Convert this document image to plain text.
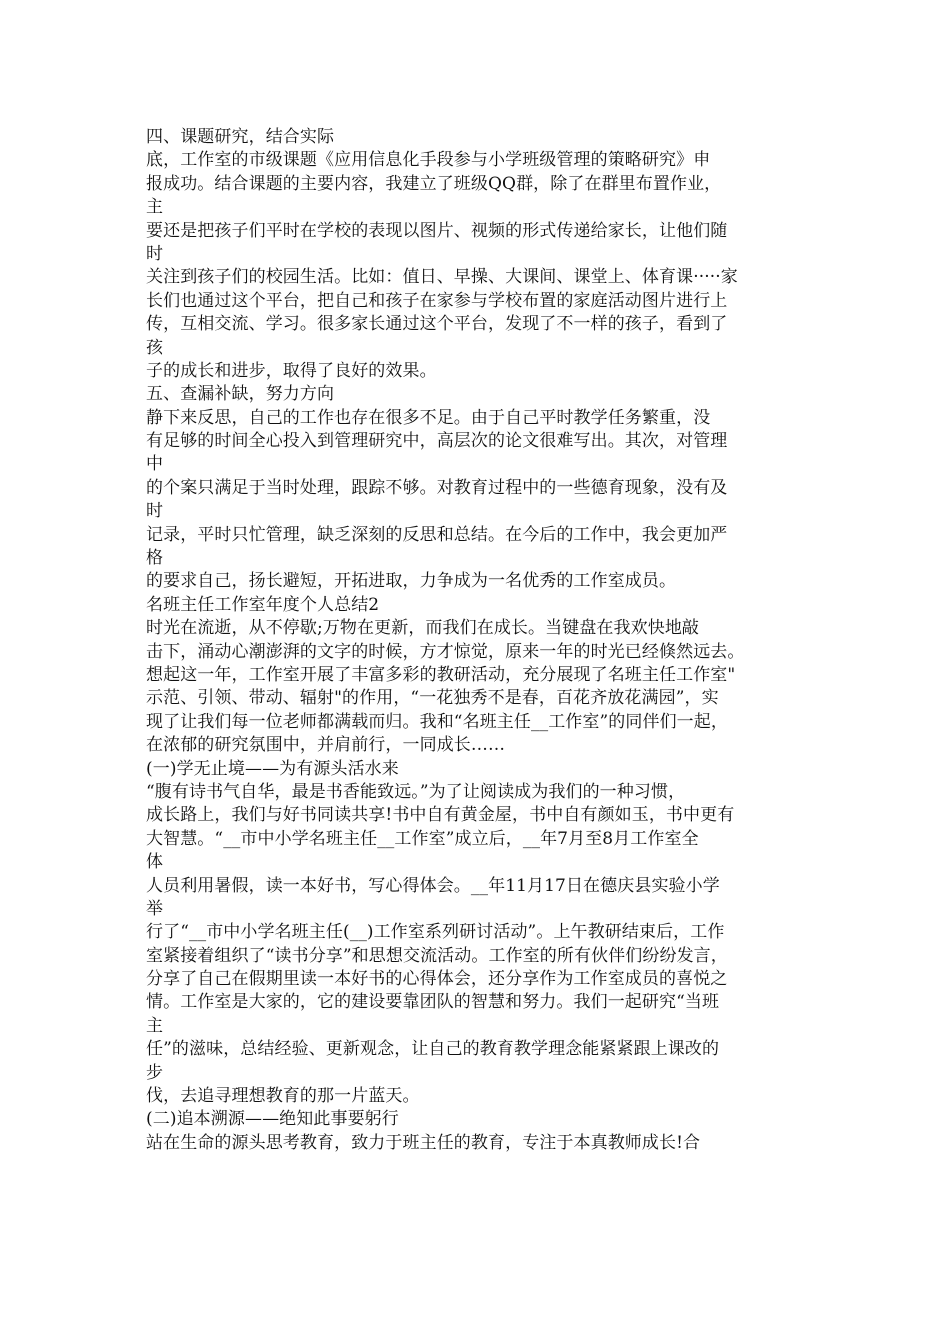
四、课题研究，结合实际
底，工作室的市级课题《应用信息化手段参与小学班级管理的策略研究》申
报成功。结合课题的主要内容，我建立了班级QQ群，除了在群里布置作业，
主
要还是把孩子们平时在学校的表现以图片、视频的形式传递给家长，让他们随
时
关注到孩子们的校园生活。比如：值日、早操、大课间、课堂上、体育课·····家
长们也通过这个平台，把自己和孩子在家参与学校布置的家庭活动图片进行上
传，互相交流、学习。很多家长通过这个平台，发现了不一样的孩子，看到了
孩
子的成长和进步，取得了良好的效果。
五、查漏补缺，努力方向
静下来反思，自己的工作也存在很多不足。由于自己平时教学任务繁重，没
有足够的时间全心投入到管理研究中，高层次的论文很难写出。其次，对管理
中
的个案只满足于当时处理，跟踪不够。对教育过程中的一些德育现象，没有及
时
记录，平时只忙管理，缺乏深刻的反思和总结。在今后的工作中，我会更加严
格
的要求自己，扬长避短，开拓进取，力争成为一名优秀的工作室成员。
名班主任工作室年度个人总结2
时光在流逝，从不停歇;万物在更新，而我们在成长。当键盘在我欢快地敲
击下，涌动心潮澎湃的文字的时候，方才惊觉，原来一年的时光已经倏然远去。
想起这一年，工作室开展了丰富多彩的教研活动，充分展现了名班主任工作室"
示范、引领、带动、辐射"的作用，“一花独秀不是春，百花齐放花满园”，实
现了让我们每一位老师都满载而归。我和“名班主任__工作室”的同伴们一起，
在浓郁的研究氛围中，并肩前行，一同成长……
(一)学无止境——为有源头活水来
“腹有诗书气自华，最是书香能致远。”为了让阅读成为我们的一种习惯，
成长路上，我们与好书同读共享!书中自有黄金屋，书中自有颜如玉，书中更有
大智慧。“__市中小学名班主任__工作室”成立后，__年7月至8月工作室全
体
人员利用暑假，读一本好书，写心得体会。__年11月17日在德庆县实验小学
举
行了“__市中小学名班主任(__)工作室系列研讨活动”。上午教研结束后，工作
室紧接着组织了“读书分享”和思想交流活动。工作室的所有伙伴们纷纷发言，
分享了自己在假期里读一本好书的心得体会，还分享作为工作室成员的喜悦之
情。工作室是大家的，它的建设要靠团队的智慧和努力。我们一起研究“当班
主
任”的滋味，总结经验、更新观念，让自己的教育教学理念能紧紧跟上课改的
步
伐，去追寻理想教育的那一片蓝天。
(二)追本溯源——绝知此事要躬行
站在生命的源头思考教育，致力于班主任的教育，专注于本真教师成长!合
